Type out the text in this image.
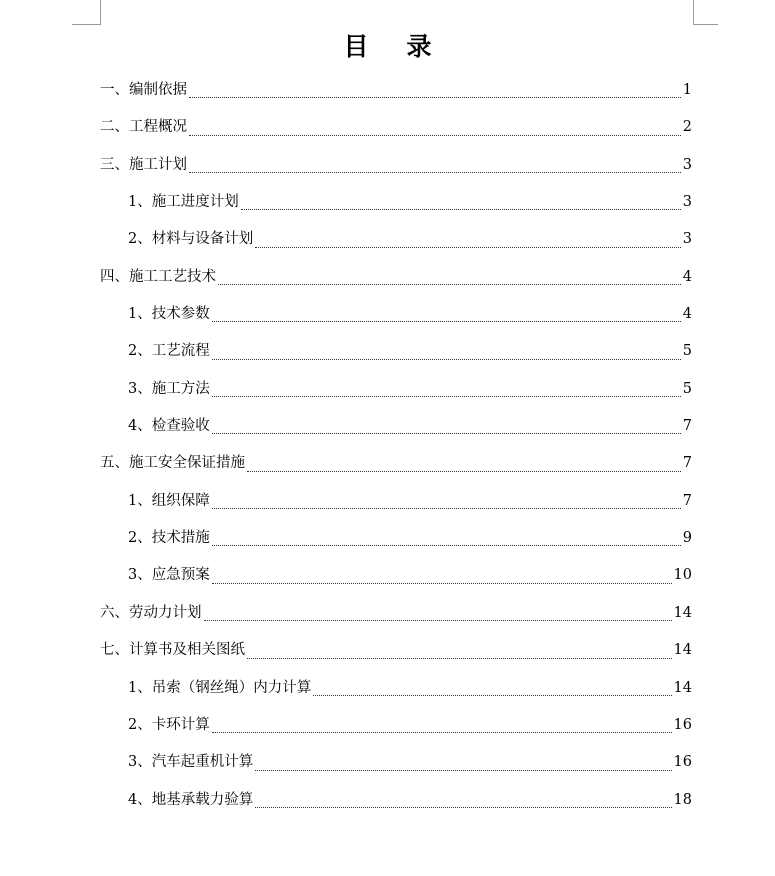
目录
一、编制依据	1
二、工程概况	2
三、施工计划	3
1、施工进度计划	3
2、材料与设备计划	3
四、施工工艺技术	4
1、技术参数	4
2、工艺流程	5
3、施工方法	5
4、检查验收	7
五、施工安全保证措施	7
1、组织保障	7
2、技术措施	9
3、应急预案	10
六、劳动力计划	14
七、计算书及相关图纸	14
1、吊索（钢丝绳）内力计算	14
2、卡环计算	16
3、汽车起重机计算	16
4、地基承载力验算	18
